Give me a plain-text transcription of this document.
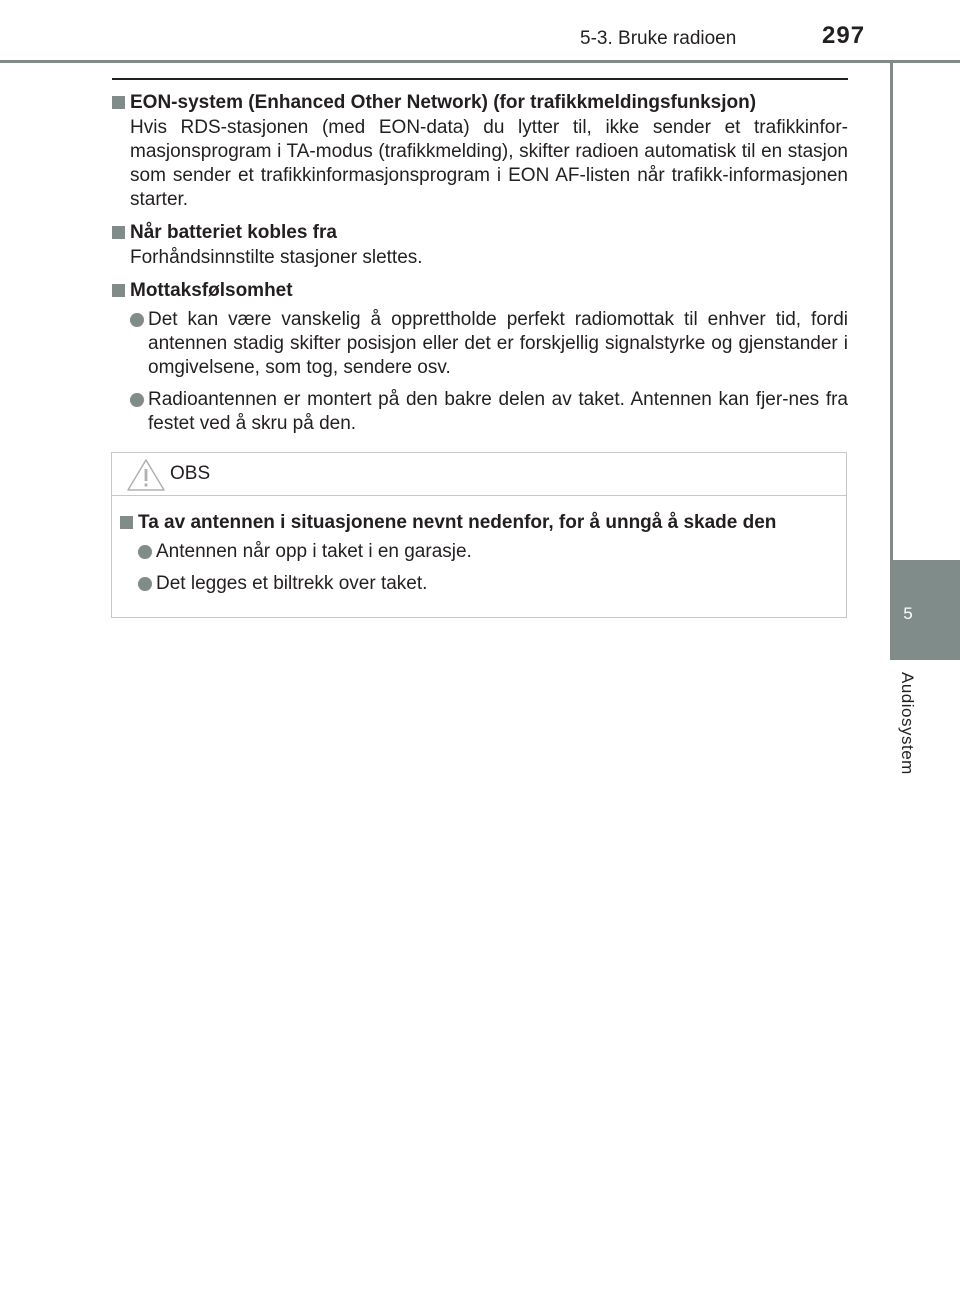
5-3. Bruke radioen	297
5
Audiosystem
EON-system (Enhanced Other Network) (for trafikkmeldingsfunksjon)
Hvis RDS-stasjonen (med EON-data) du lytter til, ikke sender et trafikkinfor-masjonsprogram i TA-modus (trafikkmelding), skifter radioen automatisk til en stasjon som sender et trafikkinformasjonsprogram i EON AF-listen når trafikk-informasjonen starter.
Når batteriet kobles fra
Forhåndsinnstilte stasjoner slettes.
Mottaksfølsomhet
Det kan være vanskelig å opprettholde perfekt radiomottak til enhver tid, fordi antennen stadig skifter posisjon eller det er forskjellig signalstyrke og gjenstander i omgivelsene, som tog, sendere osv.
Radioantennen er montert på den bakre delen av taket. Antennen kan fjer-nes fra festet ved å skru på den.
OBS
Ta av antennen i situasjonene nevnt nedenfor, for å unngå å skade den
Antennen når opp i taket i en garasje.
Det legges et biltrekk over taket.
